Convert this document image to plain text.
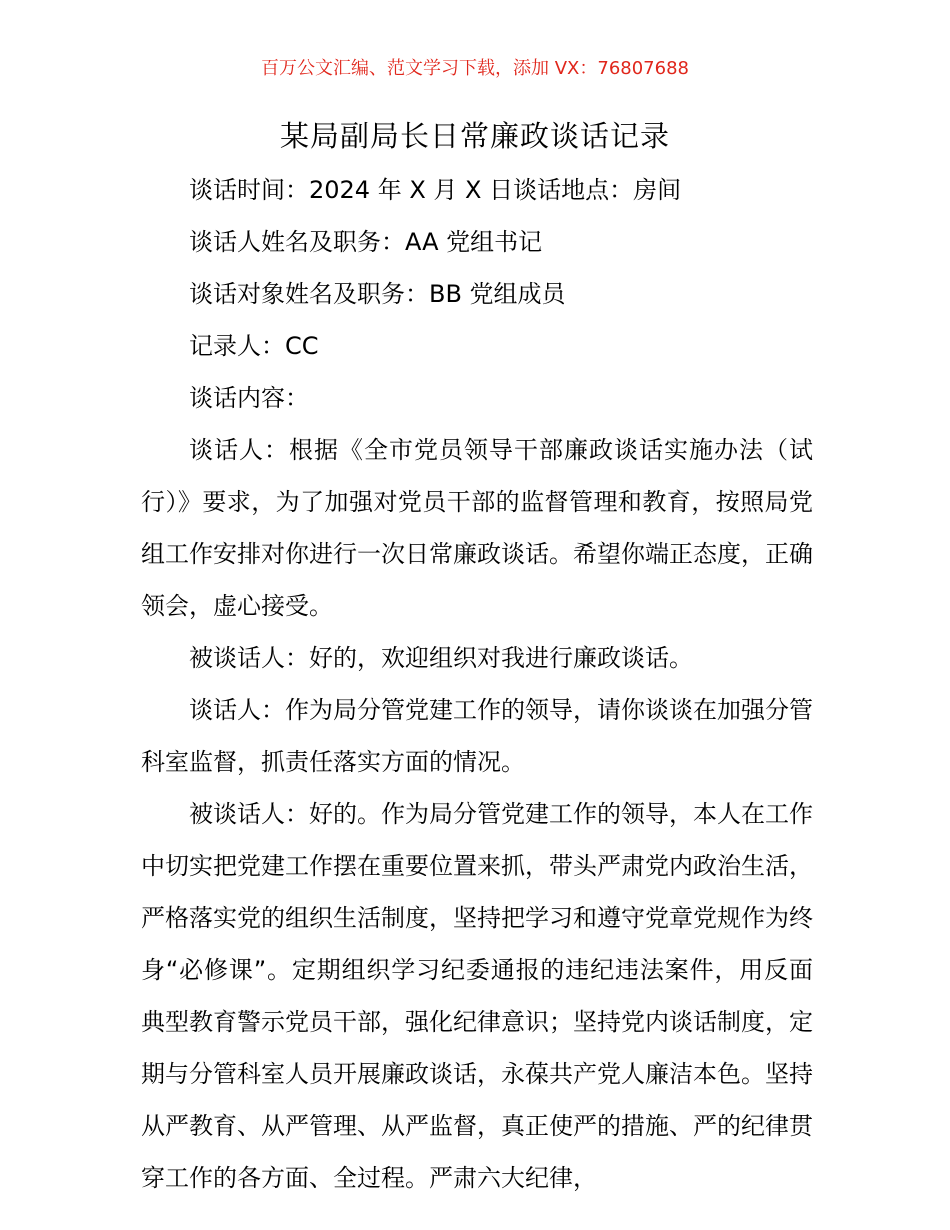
百万公文汇编、范文学习下载，添加 VX：76807688
某局副局长日常廉政谈话记录

谈话时间：2024 年 X 月 X 日谈话地点：房间

谈话人姓名及职务：AA 党组书记

谈话对象姓名及职务：BB 党组成员

记录人：CC

谈话内容：

谈话人：根据《全市党员领导干部廉政谈话实施办法（试行）》要求，为了加强对党员干部的监督管理和教育，按照局党组工作安排对你进行一次日常廉政谈话。希望你端正态度，正确领会，虚心接受。

被谈话人：好的，欢迎组织对我进行廉政谈话。

谈话人：作为局分管党建工作的领导，请你谈谈在加强分管科室监督，抓责任落实方面的情况。

被谈话人：好的。作为局分管党建工作的领导，本人在工作中切实把党建工作摆在重要位置来抓，带头严肃党内政治生活，严格落实党的组织生活制度，坚持把学习和遵守党章党规作为终身“必修课”。定期组织学习纪委通报的违纪违法案件，用反面典型教育警示党员干部，强化纪律意识；坚持党内谈话制度，定期与分管科室人员开展廉政谈话，永葆共产党人廉洁本色。坚持从严教育、从严管理、从严监督，真正使严的措施、严的纪律贯穿工作的各方面、全过程。严肃六大纪律，
